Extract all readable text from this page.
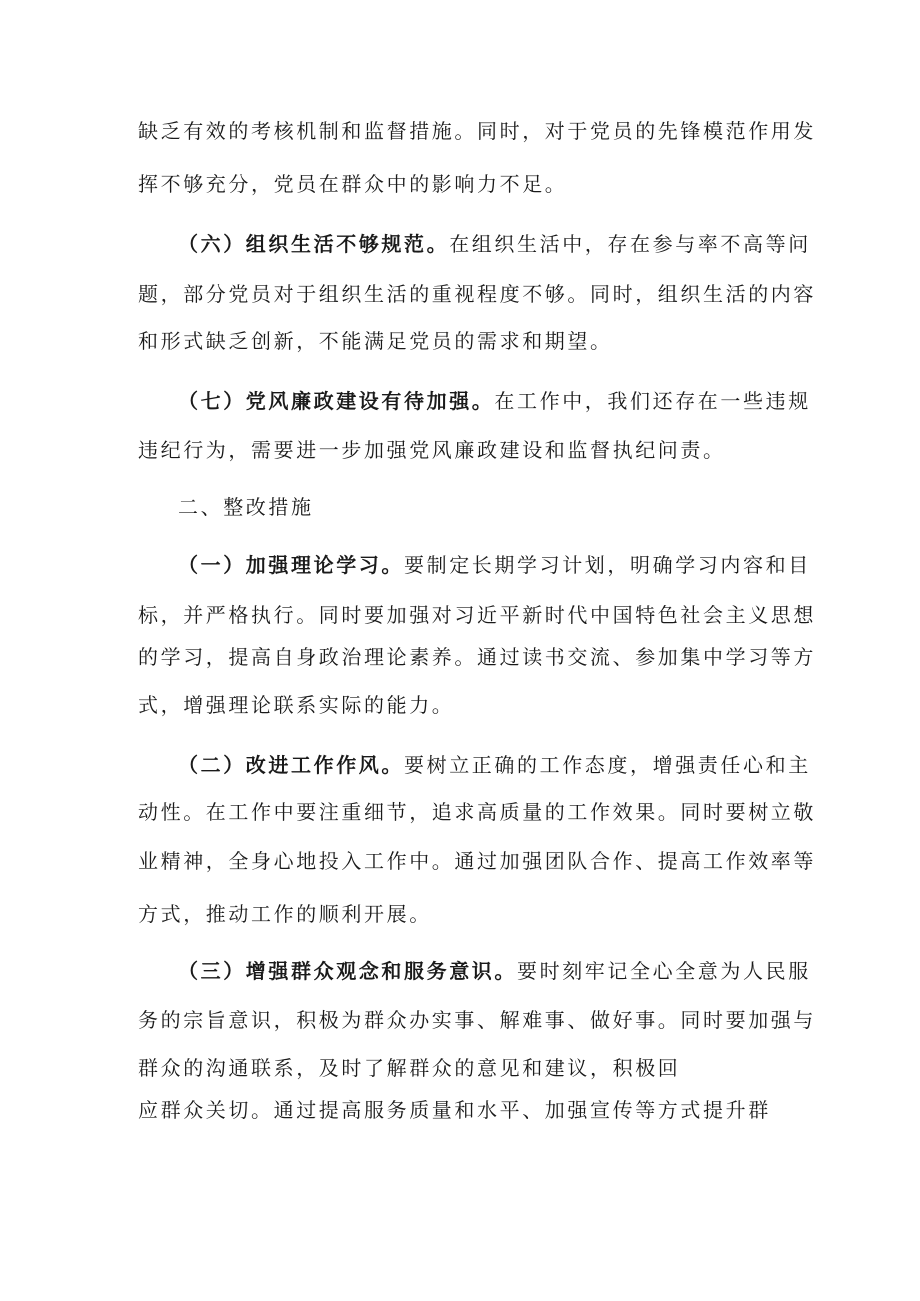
缺乏有效的考核机制和监督措施。同时，对于党员的先锋模范作用发
挥不够充分，党员在群众中的影响力不足。
（六）组织生活不够规范。在组织生活中，存在参与率不高等问
题，部分党员对于组织生活的重视程度不够。同时，组织生活的内容
和形式缺乏创新，不能满足党员的需求和期望。
（七）党风廉政建设有待加强。在工作中，我们还存在一些违规
违纪行为，需要进一步加强党风廉政建设和监督执纪问责。
二、整改措施
（一）加强理论学习。要制定长期学习计划，明确学习内容和目
标，并严格执行。同时要加强对习近平新时代中国特色社会主义思想
的学习，提高自身政治理论素养。通过读书交流、参加集中学习等方
式，增强理论联系实际的能力。
（二）改进工作作风。要树立正确的工作态度，增强责任心和主
动性。在工作中要注重细节，追求高质量的工作效果。同时要树立敬
业精神，全身心地投入工作中。通过加强团队合作、提高工作效率等
方式，推动工作的顺利开展。
（三）增强群众观念和服务意识。要时刻牢记全心全意为人民服
务的宗旨意识，积极为群众办实事、解难事、做好事。同时要加强与
群众的沟通联系，及时了解群众的意见和建议，积极回
应群众关切。通过提高服务质量和水平、加强宣传等方式提升群
